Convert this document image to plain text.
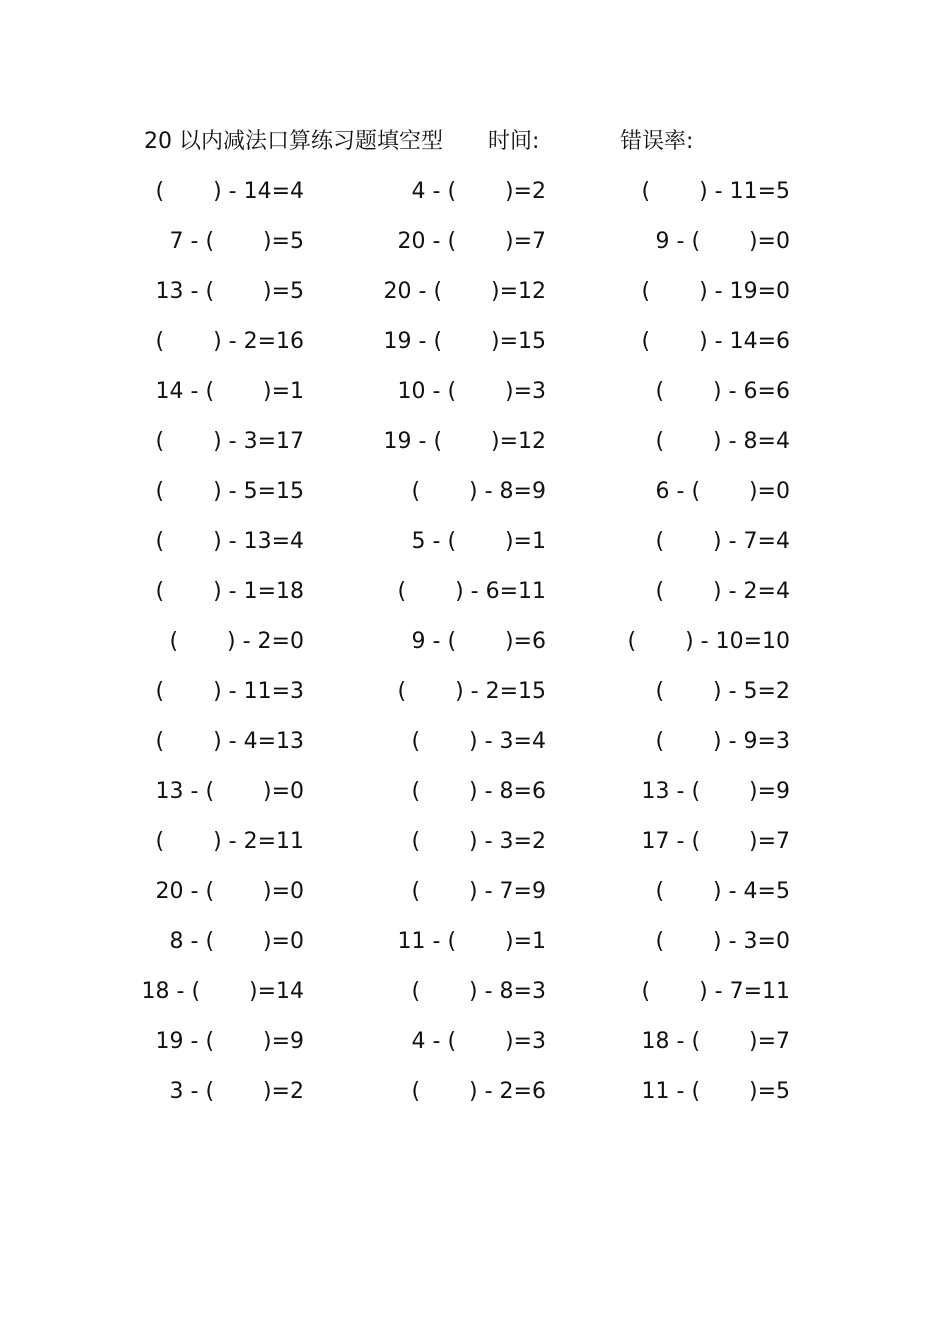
20 以内减法口算练习题填空型 时间:	错误率:
(       ) - 14=4	4 - (       )=2	(       ) - 11=5
7 - (       )=5	20 - (       )=7	9 - (       )=0
13 - (       )=5	20 - (       )=12	(       ) - 19=0
(       ) - 2=16	19 - (       )=15	(       ) - 14=6
14 - (       )=1	10 - (       )=3	(       ) - 6=6
(       ) - 3=17	19 - (       )=12	(       ) - 8=4
(       ) - 5=15	(       ) - 8=9	6 - (       )=0
(       ) - 13=4	5 - (       )=1	(       ) - 7=4
(       ) - 1=18	(       ) - 6=11	(       ) - 2=4
(       ) - 2=0	9 - (       )=6	(       ) - 10=10
(       ) - 11=3	(       ) - 2=15	(       ) - 5=2
(       ) - 4=13	(       ) - 3=4	(       ) - 9=3
13 - (       )=0	(       ) - 8=6	13 - (       )=9
(       ) - 2=11	(       ) - 3=2	17 - (       )=7
20 - (       )=0	(       ) - 7=9	(       ) - 4=5
8 - (       )=0	11 - (       )=1	(       ) - 3=0
18 - (       )=14	(       ) - 8=3	(       ) - 7=11
19 - (       )=9	4 - (       )=3	18 - (       )=7
3 - (       )=2	(       ) - 2=6	11 - (       )=5
